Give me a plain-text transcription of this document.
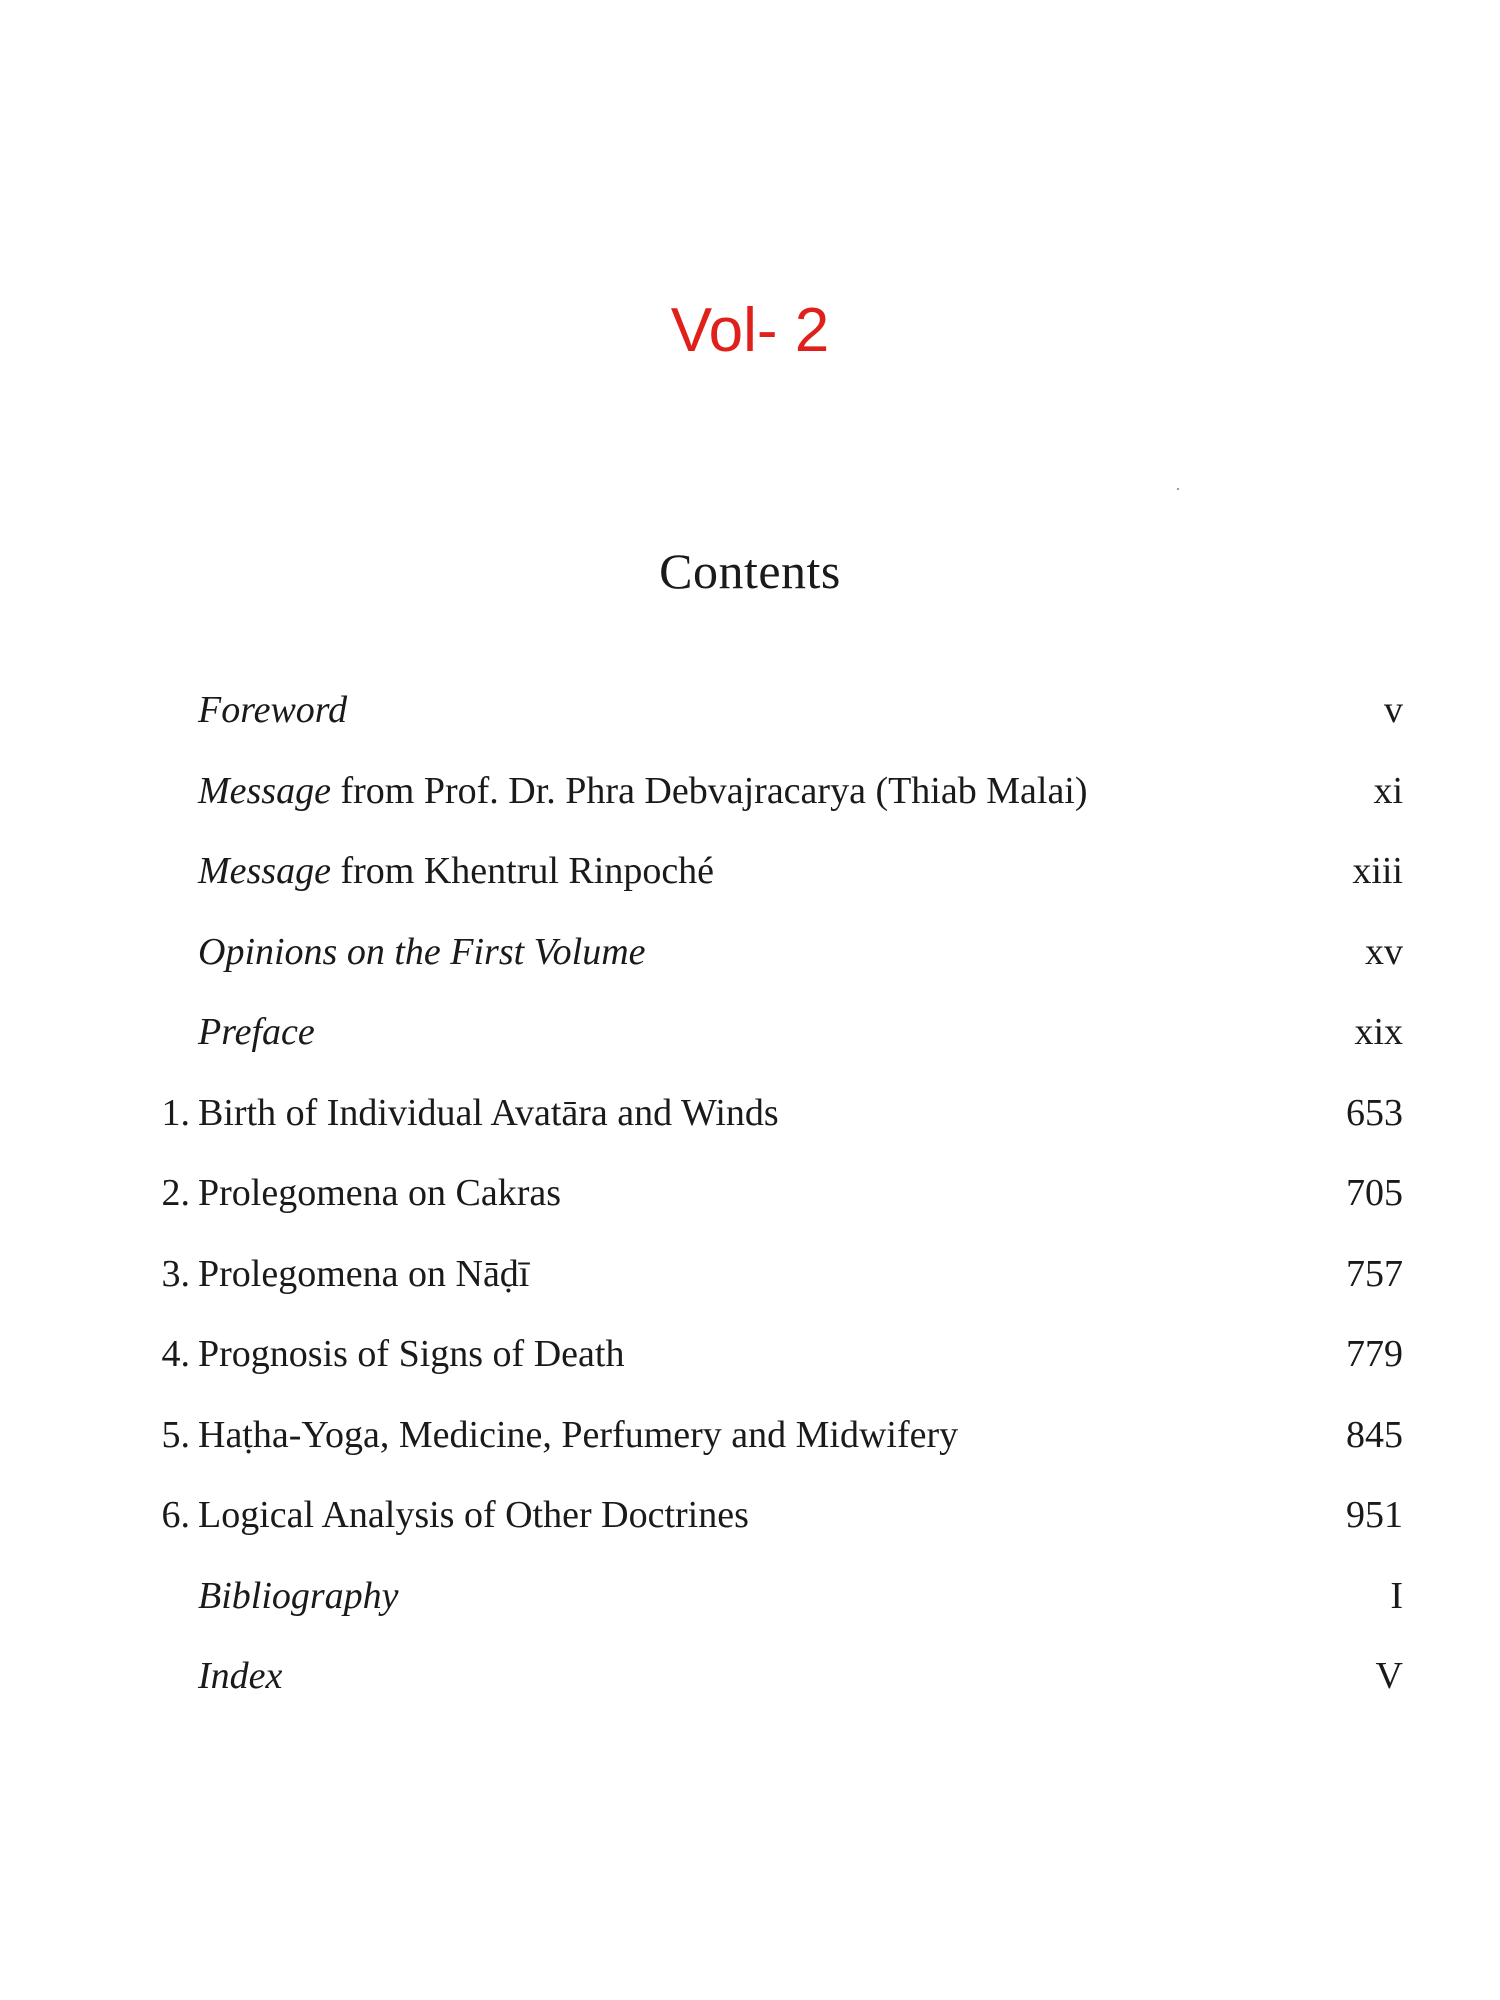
Vol- 2
Contents
Foreword	v
Message from Prof. Dr. Phra Debvajracarya (Thiab Malai)	xi
Message from Khentrul Rinpoché	xiii
Opinions on the First Volume	xv
Preface	xix
1. Birth of Individual Avatāra and Winds	653
2. Prolegomena on Cakras	705
3. Prolegomena on Nāḍī	757
4. Prognosis of Signs of Death	779
5. Haṭha-Yoga, Medicine, Perfumery and Midwifery	845
6. Logical Analysis of Other Doctrines	951
Bibliography	I
Index	V
